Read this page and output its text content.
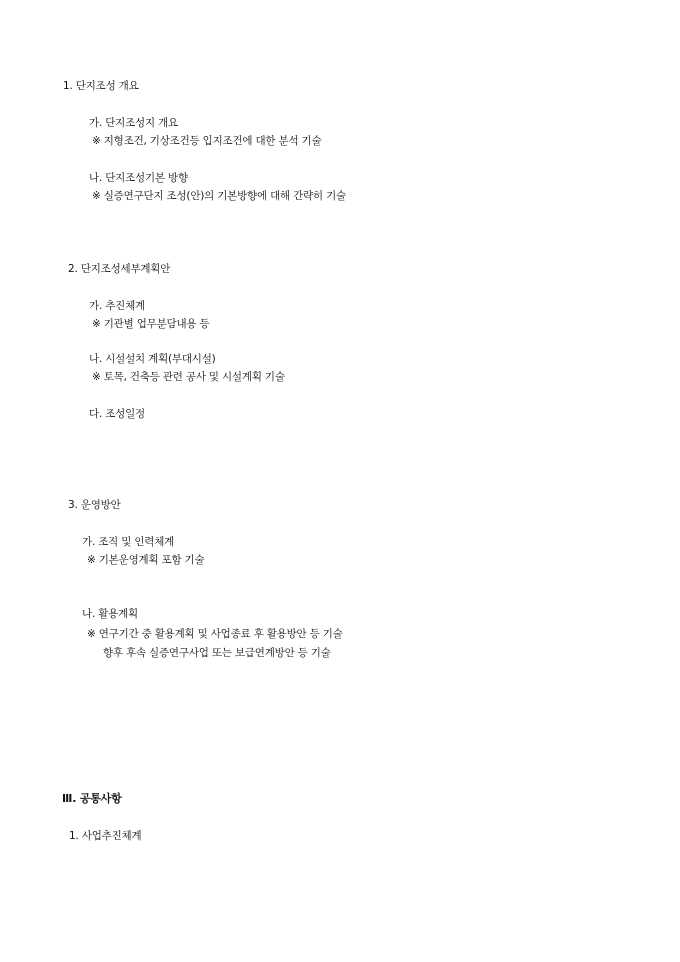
1. 단지조성 개요
가. 단지조성지 개요
※ 지형조건, 기상조건등 입지조건에 대한 분석 기술
나. 단지조성기본 방향
※ 실증연구단지 조성(안)의 기본방향에 대해 간략히 기술
2. 단지조성세부계획안
가. 추진체계
※ 기관별 업무분담내용 등
나. 시설설치 계획(부대시설)
※ 토목, 건축등 관련 공사 및 시설계획 기술
다. 조성일정
3. 운영방안
가. 조직 및 인력체계
※ 기본운영계획 포함 기술
나. 활용계획
※ 연구기간 중 활용계획 및 사업종료 후 활용방안 등 기술
향후 후속 실증연구사업 또는 보급연계방안 등 기술
Ⅲ. 공통사항
1. 사업추진체계
